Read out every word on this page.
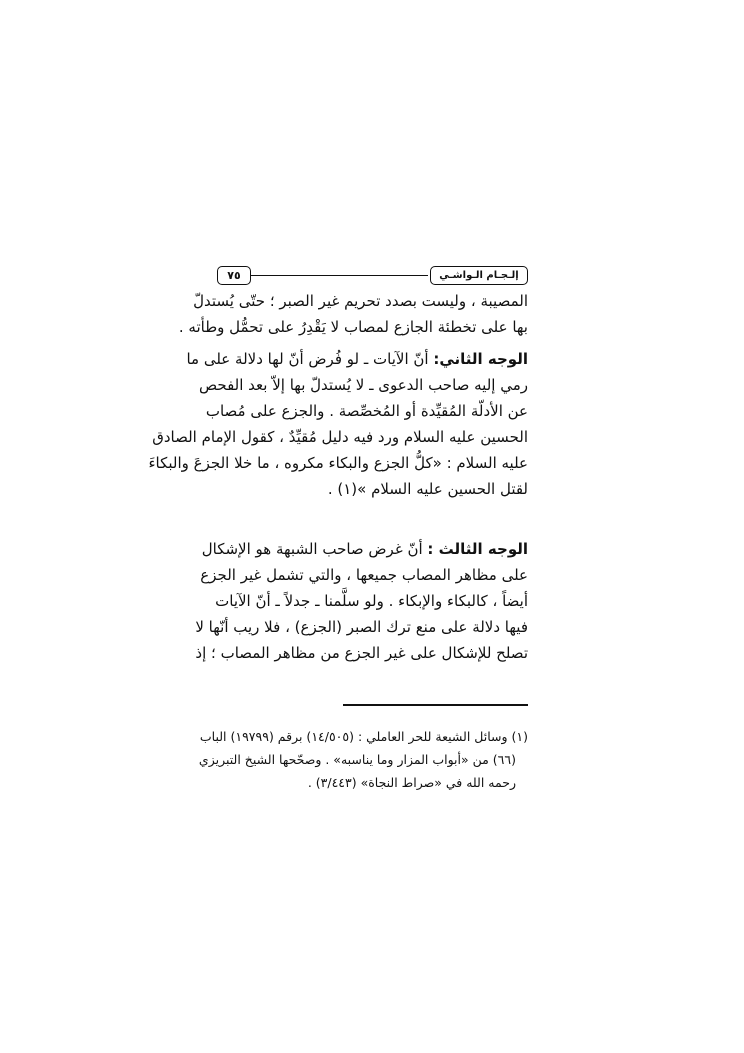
٧٥	إلـجـام الـواشـي
المصيبة ، وليست بصدد تحريم غير الصبر ؛ حتّى يُستدلّ
بها على تخطئة الجازع لمصاب لا يَقْدِرُ على تحمُّل وطأته .
الوجه الثاني: أنّ الآيات ـ لو فُرض أنّ لها دلالة على ما
رمي إليه صاحب الدعوى ـ لا يُستدلّ بها إلاّ بعد الفحص
عن الأدلّة المُقيِّدة أو المُخصِّصة . والجزع على مُصاب
الحسين عليه السلام ورد فيه دليل مُقيِّدٌ ، كقول الإمام الصادق
عليه السلام : «كلُّ الجزع والبكاء مكروه ، ما خلا الجزعَ والبكاءَ
لقتل الحسين عليه السلام »(١) .
الوجه الثالث : أنّ غرض صاحب الشبهة هو الإشكال
على مظاهر المصاب جميعها ، والتي تشمل غير الجزع
أيضاً ، كالبكاء والإبكاء . ولو سلَّمنا ـ جدلاً ـ أنّ الآيات
فيها دلالة على منع ترك الصبر (الجزع) ، فلا ريب أنّها لا
تصلح للإشكال على غير الجزع من مظاهر المصاب ؛ إذ
(١) وسائل الشيعة للحر العاملي : (١٤/٥٠٥) برقم (١٩٧٩٩) الباب
(٦٦) من «أبواب المزار وما يناسبه» . وصحّحها الشيخ التبريزي
رحمه الله في «صراط النجاة» (٣/٤٤٣) .
